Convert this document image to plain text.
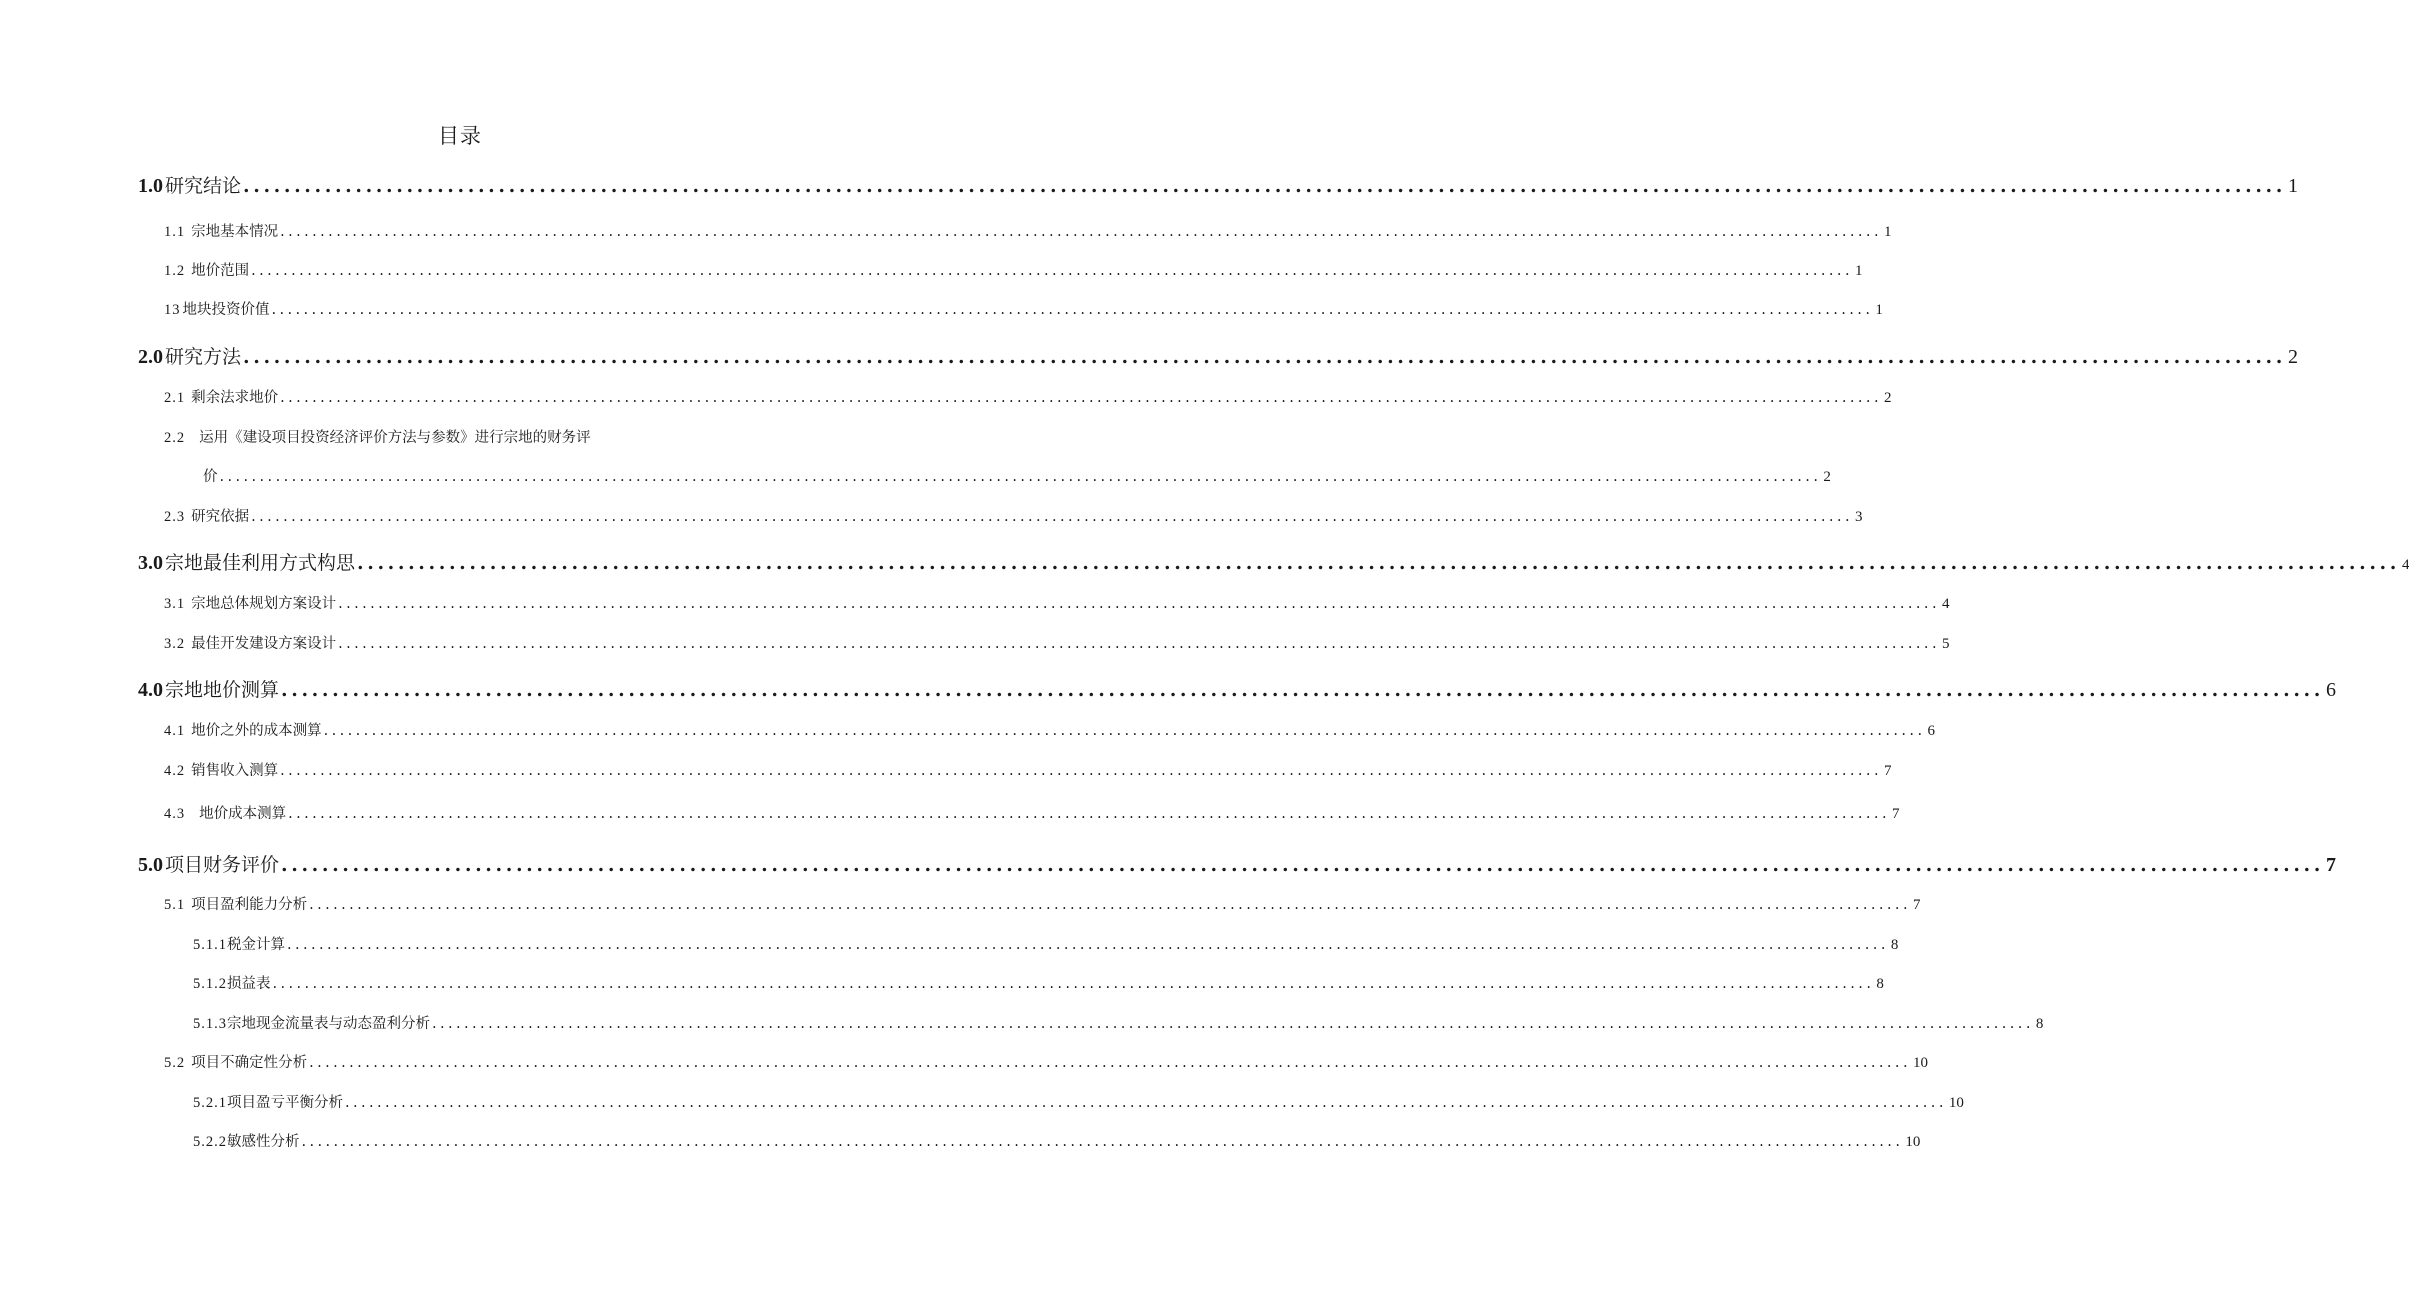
目录
1.0 研究结论 ........................................................................................................................................................................................................ 1
1.1 宗地基本情况 ........................................................................................................................................................................................................ 1
1.2 地价范围 ........................................................................................................................................................................................................ 1
13 地块投资价值 ........................................................................................................................................................................................................ 1
2.0 研究方法 ........................................................................................................................................................................................................ 2
2.1 剩余法求地价 ........................................................................................................................................................................................................ 2
2.2 运用《建设项目投资经济评价方法与参数》进行宗地的财务评
价 ........................................................................................................................................................................................................ 2
2.3 研究依据 ........................................................................................................................................................................................................ 3
3.0 宗地最佳利用方式构思 ........................................................................................................................................................................................................ 4
3.1 宗地总体规划方案设计 ........................................................................................................................................................................................................ 4
3.2 最佳开发建设方案设计 ........................................................................................................................................................................................................ 5
4.0 宗地地价测算 ........................................................................................................................................................................................................ 6
4.1 地价之外的成本测算 ........................................................................................................................................................................................................ 6
4.2 销售收入测算 ........................................................................................................................................................................................................ 7
4.3 地价成本测算 ........................................................................................................................................................................................................ 7
5.0 项目财务评价 ........................................................................................................................................................................................................ 7
5.1 项目盈利能力分析 ........................................................................................................................................................................................................ 7
5.1.1 税金计算 ........................................................................................................................................................................................................ 8
5.1.2 损益表 ........................................................................................................................................................................................................ 8
5.1.3 宗地现金流量表与动态盈利分析 ........................................................................................................................................................................................................ 8
5.2 项目不确定性分析 ........................................................................................................................................................................................................ 10
5.2.1 项目盈亏平衡分析 ........................................................................................................................................................................................................ 10
5.2.2 敏感性分析 ........................................................................................................................................................................................................ 10
